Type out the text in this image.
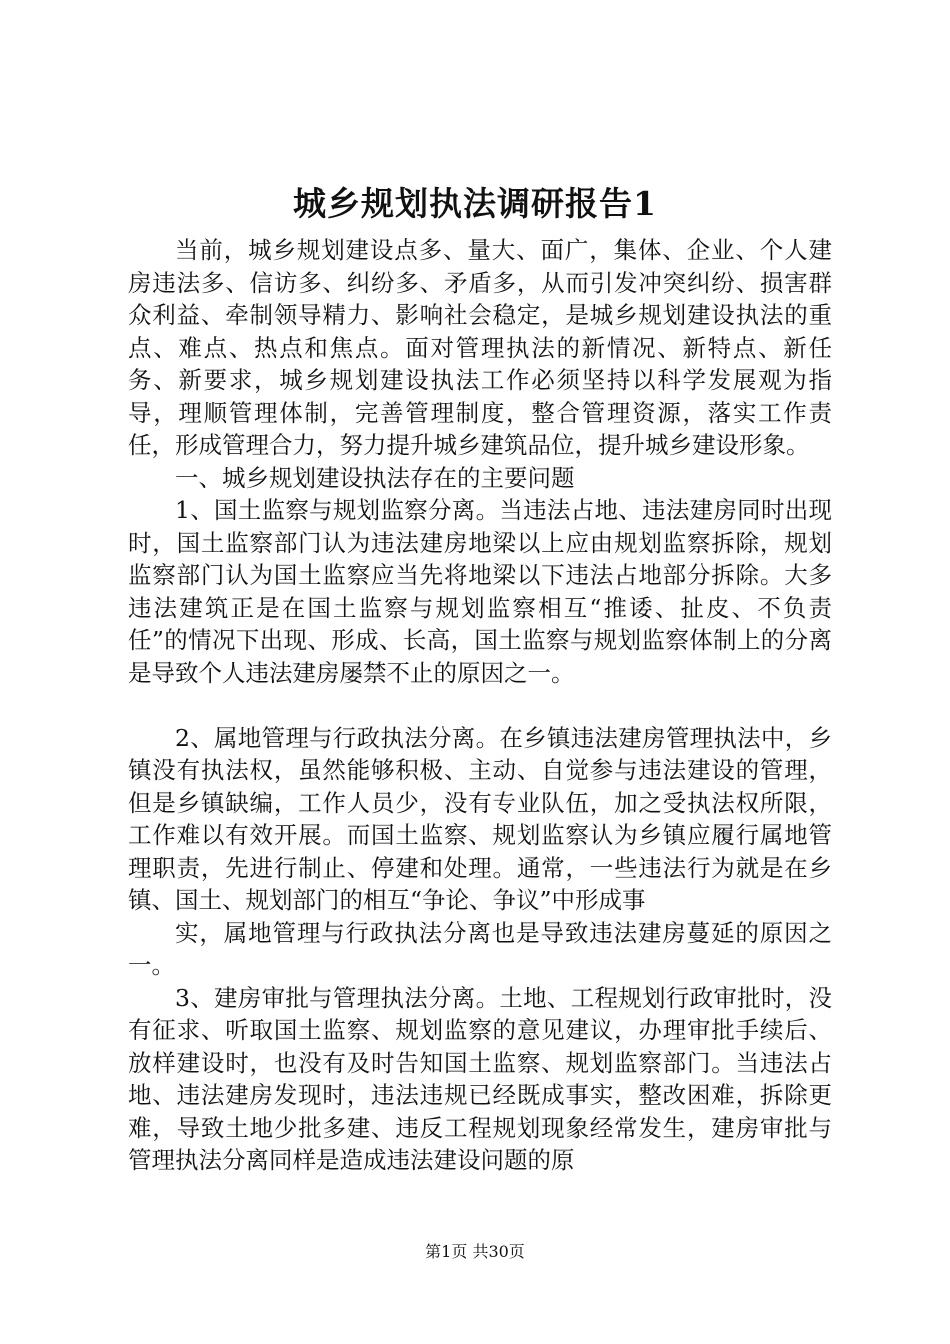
城乡规划执法调研报告1

当前，城乡规划建设点多、量大、面广，集体、企业、个人建房违法多、信访多、纠纷多、矛盾多，从而引发冲突纠纷、损害群众利益、牵制领导精力、影响社会稳定，是城乡规划建设执法的重点、难点、热点和焦点。面对管理执法的新情况、新特点、新任务、新要求，城乡规划建设执法工作必须坚持以科学发展观为指导，理顺管理体制，完善管理制度，整合管理资源，落实工作责任，形成管理合力，努力提升城乡建筑品位，提升城乡建设形象。

一、城乡规划建设执法存在的主要问题

1、国土监察与规划监察分离。当违法占地、违法建房同时出现时，国土监察部门认为违法建房地梁以上应由规划监察拆除，规划监察部门认为国土监察应当先将地梁以下违法占地部分拆除。大多违法建筑正是在国土监察与规划监察相互“推诿、扯皮、不负责任”的情况下出现、形成、长高，国土监察与规划监察体制上的分离是导致个人违法建房屡禁不止的原因之一。

2、属地管理与行政执法分离。在乡镇违法建房管理执法中，乡镇没有执法权，虽然能够积极、主动、自觉参与违法建设的管理，但是乡镇缺编，工作人员少，没有专业队伍，加之受执法权所限，工作难以有效开展。而国土监察、规划监察认为乡镇应履行属地管理职责，先进行制止、停建和处理。通常，一些违法行为就是在乡镇、国土、规划部门的相互“争论、争议”中形成事

实，属地管理与行政执法分离也是导致违法建房蔓延的原因之一。

3、建房审批与管理执法分离。土地、工程规划行政审批时，没有征求、听取国土监察、规划监察的意见建议，办理审批手续后、放样建设时，也没有及时告知国土监察、规划监察部门。当违法占地、违法建房发现时，违法违规已经既成事实，整改困难，拆除更难，导致土地少批多建、违反工程规划现象经常发生，建房审批与管理执法分离同样是造成违法建设问题的原

第1页 共30页
